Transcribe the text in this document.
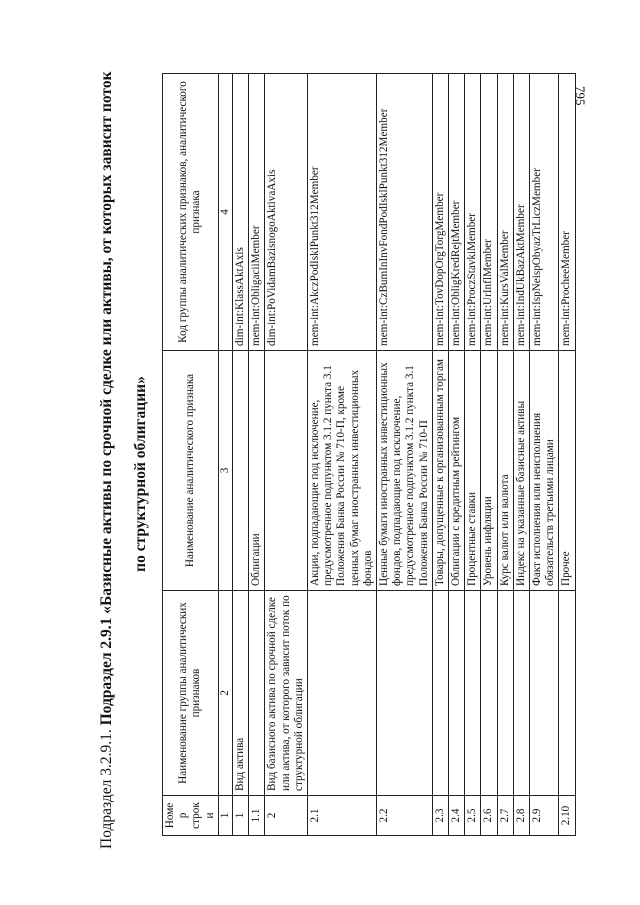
795
Подраздел 3.2.9.1. Подраздел 2.9.1 «Базисные активы по срочной сделке или активы, от которых зависит поток	по структурной облигации»
Номер строки	Наименование группы аналитических признаков	Наименование аналитического признака	Код группы аналитических признаков, аналитического признака
1	2	3	4
1	Вид актива		dim-int:KlassAktAxis
1.1		Облигации	mem-int:ObligaciiMember
2	Вид базисного актива по срочной сделке или актива, от которого зависит поток по структурной облигации		dim-int:PoVidamBazisnogoAktivaAxis
2.1		Акции, подпадающие под исключение, предусмотренное подпунктом 3.1.2 пункта 3.1 Положения Банка России № 710-П, кроме ценных бумаг иностранных инвестиционных фондов	mem-int:AkczPodIsklPunkt312Member
2.2		Ценные бумаги иностранных инвестиционных фондов, подпадающие под исключение, предусмотренное подпунктом 3.1.2 пункта 3.1 Положения Банка России № 710-П	mem-int:CzBumInInvFondPodIsklPunkt312Member
2.3		Товары, допущенные к организованным торгам	mem-int:TovDopOrgTorgMember
2.4		Облигации с кредитным рейтингом	mem-int:ObligKredRejtMember
2.5		Процентные ставки	mem-int:ProczStavkiMember
2.6		Уровень инфляции	mem-int:UrInflMember
2.7		Курс валют или валюта	mem-int:KursValMember
2.8		Индекс на указанные базисные активы	mem-int:IndUkBazAktMember
2.9		Факт исполнения или неисполнения обязательств третьими лицами	mem-int:IspNeispObyazTrLiczMember
2.10		Прочее	mem-int:ProcheeMember
